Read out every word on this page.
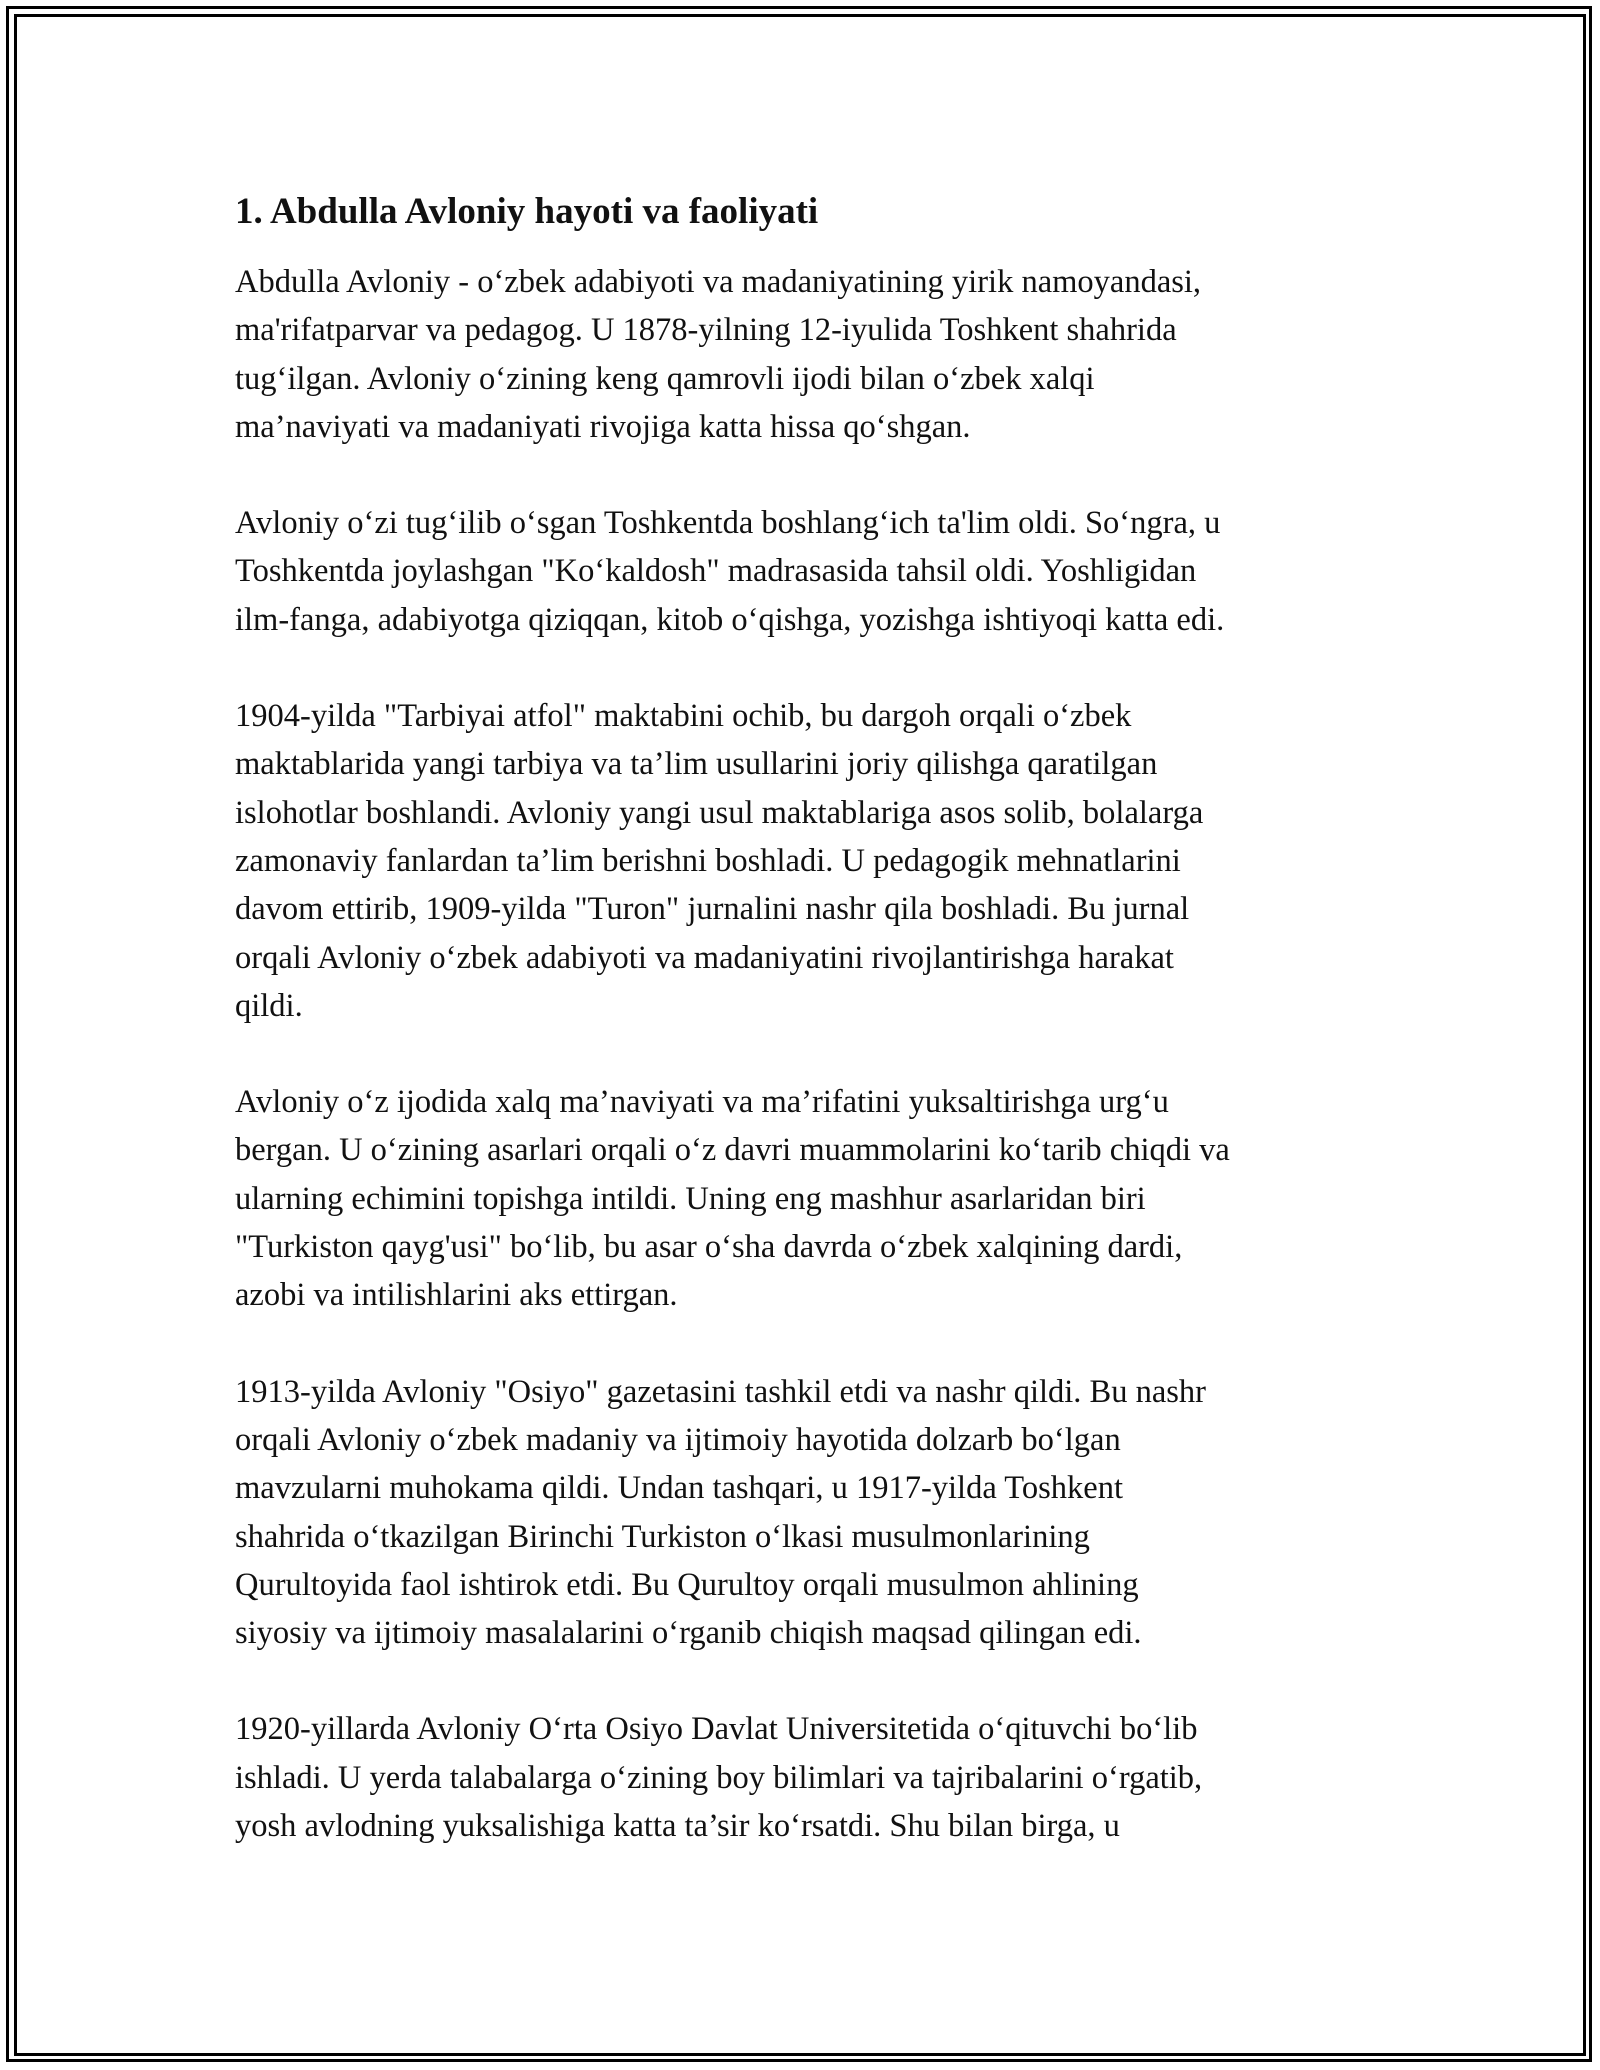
1. Abdulla Avloniy hayoti va faoliyati

Abdulla Avloniy - o‘zbek adabiyoti va madaniyatining yirik namoyandasi,
ma'rifatparvar va pedagog. U 1878-yilning 12-iyulida Toshkent shahrida
tug‘ilgan. Avloniy o‘zining keng qamrovli ijodi bilan o‘zbek xalqi
ma’naviyati va madaniyati rivojiga katta hissa qo‘shgan.

Avloniy o‘zi tug‘ilib o‘sgan Toshkentda boshlang‘ich ta'lim oldi. So‘ngra, u
Toshkentda joylashgan "Ko‘kaldosh" madrasasida tahsil oldi. Yoshligidan
ilm-fanga, adabiyotga qiziqqan, kitob o‘qishga, yozishga ishtiyoqi katta edi.

1904-yilda "Tarbiyai atfol" maktabini ochib, bu dargoh orqali o‘zbek
maktablarida yangi tarbiya va ta’lim usullarini joriy qilishga qaratilgan
islohotlar boshlandi. Avloniy yangi usul maktablariga asos solib, bolalarga
zamonaviy fanlardan ta’lim berishni boshladi. U pedagogik mehnatlarini
davom ettirib, 1909-yilda "Turon" jurnalini nashr qila boshladi. Bu jurnal
orqali Avloniy o‘zbek adabiyoti va madaniyatini rivojlantirishga harakat
qildi.

Avloniy o‘z ijodida xalq ma’naviyati va ma’rifatini yuksaltirishga urg‘u
bergan. U o‘zining asarlari orqali o‘z davri muammolarini ko‘tarib chiqdi va
ularning echimini topishga intildi. Uning eng mashhur asarlaridan biri
"Turkiston qayg'usi" bo‘lib, bu asar o‘sha davrda o‘zbek xalqining dardi,
azobi va intilishlarini aks ettirgan.

1913-yilda Avloniy "Osiyo" gazetasini tashkil etdi va nashr qildi. Bu nashr
orqali Avloniy o‘zbek madaniy va ijtimoiy hayotida dolzarb bo‘lgan
mavzularni muhokama qildi. Undan tashqari, u 1917-yilda Toshkent
shahrida o‘tkazilgan Birinchi Turkiston o‘lkasi musulmonlarining
Qurultoyida faol ishtirok etdi. Bu Qurultoy orqali musulmon ahlining
siyosiy va ijtimoiy masalalarini o‘rganib chiqish maqsad qilingan edi.

1920-yillarda Avloniy O‘rta Osiyo Davlat Universitetida o‘qituvchi bo‘lib
ishladi. U yerda talabalarga o‘zining boy bilimlari va tajribalarini o‘rgatib,
yosh avlodning yuksalishiga katta ta’sir ko‘rsatdi. Shu bilan birga, u
